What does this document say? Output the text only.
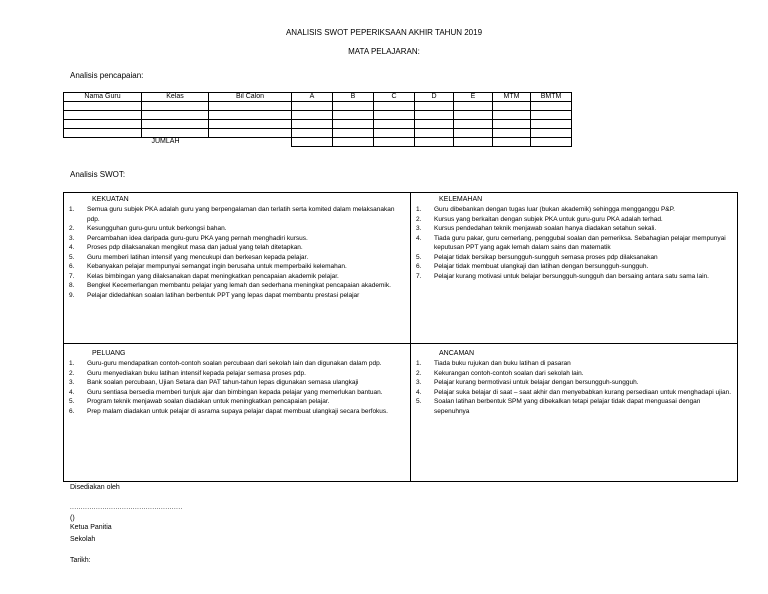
ANALISIS SWOT PEPERIKSAAN AKHIR TAHUN 2019
MATA PELAJARAN:
Analisis pencapaian:
Nama Guru	Kelas	Bil Calon	A	B	C	D	E	MTM	BMTM

	JUMLAH								
Analisis SWOT:
KEKUATAN
1. Semua guru subjek PKA adalah guru yang berpengalaman dan terlatih serta komited dalam melaksanakan pdp.
2. Kesungguhan guru-guru untuk berkongsi bahan.
3. Percambahan idea daripada guru-guru PKA yang pernah menghadiri kursus.
4. Proses pdp dilaksanakan mengikut masa dan jadual yang telah ditetapkan.
5. Guru memberi latihan intensif yang mencukupi dan berkesan kepada pelajar.
6. Kebanyakan pelajar mempunyai semangat ingin berusaha untuk memperbaiki kelemahan.
7. Kelas bimbingan yang dilaksanakan dapat meningkatkan pencapaian akademik pelajar.
8. Bengkel Kecemerlangan membantu pelajar yang lemah dan sederhana meningkat pencapaian akademik.
9. Pelajar didedahkan soalan latihan berbentuk PPT yang lepas dapat membantu prestasi pelajar
KELEMAHAN
1. Guru dibebankan dengan tugas luar (bukan akademik) sehingga mengganggu P&P.
2. Kursus yang berkaitan dengan subjek PKA untuk guru-guru PKA adalah terhad.
3. Kursus pendedahan teknik menjawab soalan hanya diadakan setahun sekali.
4. Tiada guru pakar, guru cemerlang, penggubal soalan dan pemeriksa. Sebahagian pelajar mempunyai keputusan PPT yang agak lemah dalam sains dan matematik
5. Pelajar tidak bersikap bersungguh-sungguh semasa proses pdp dilaksanakan
6. Pelajar tidak membuat ulangkaji dan latihan dengan bersungguh-sungguh.
7. Pelajar kurang motivasi untuk belajar bersungguh-sungguh dan bersaing antara satu sama lain.
PELUANG
1. Guru-guru mendapatkan contoh-contoh soalan percubaan dari sekolah lain dan digunakan dalam pdp.
2. Guru menyediakan buku latihan intensif kepada pelajar semasa proses pdp.
3. Bank soalan percubaan, Ujian Setara dan PAT tahun-tahun lepas digunakan semasa ulangkaji
4. Guru sentiasa bersedia memberi tunjuk ajar dan bimbingan kepada pelajar yang memerlukan bantuan.
5. Program teknik menjawab soalan diadakan untuk meningkatkan pencapaian pelajar.
6. Prep malam diadakan untuk pelajar di asrama supaya pelajar dapat membuat ulangkaji secara berfokus.
ANCAMAN
1. Tiada buku rujukan dan buku latihan di pasaran
2. Kekurangan contoh-contoh soalan dari sekolah lain.
3. Pelajar kurang bermotivasi untuk belajar dengan bersungguh-sungguh.
4. Pelajar suka belajar di saat – saat akhir dan menyebabkan kurang persediaan untuk menghadapi ujian.
5. Soalan latihan berbentuk SPM yang dibekalkan tetapi pelajar tidak dapat menguasai dengan sepenuhnya
Disediakan oleh
....................................................
()
Ketua Panitia
Sekolah
Tarikh:
